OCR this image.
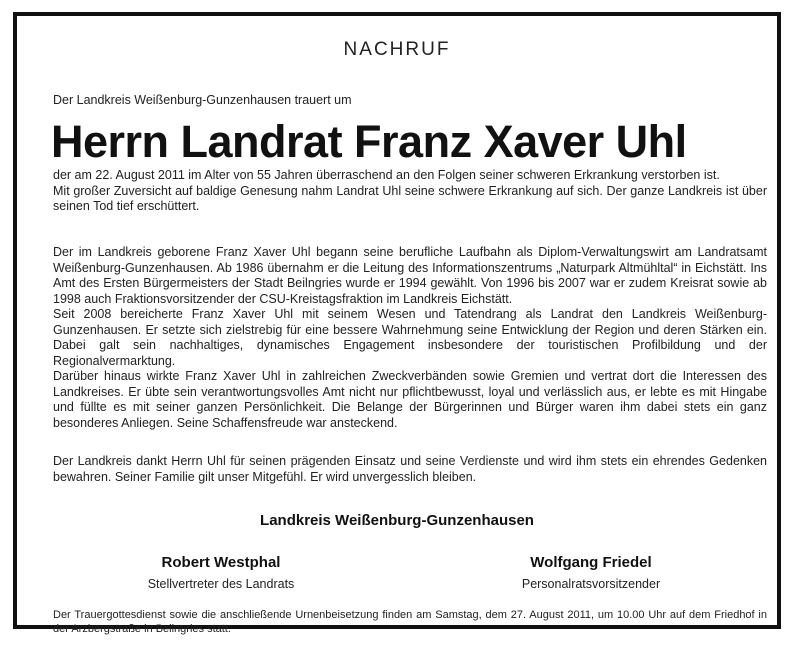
NACHRUF
Der Landkreis Weißenburg-Gunzenhausen trauert um
Herrn Landrat Franz Xaver Uhl

der am 22. August 2011 im Alter von 55 Jahren überraschend an den Folgen seiner schweren Erkrankung verstorben ist.

Mit großer Zuversicht auf baldige Genesung nahm Landrat Uhl seine schwere Erkrankung auf sich. Der ganze Landkreis ist über seinen Tod tief erschüttert.

Der im Landkreis geborene Franz Xaver Uhl begann seine berufliche Laufbahn als Diplom-Verwaltungswirt am Landratsamt Weißenburg-Gunzenhausen. Ab 1986 übernahm er die Leitung des Informationszentrums „Naturpark Altmühltal“ in Eichstätt. Ins Amt des Ersten Bürgermeisters der Stadt Beilngries wurde er 1994 gewählt. Von 1996 bis 2007 war er zudem Kreisrat sowie ab 1998 auch Fraktionsvorsitzender der CSU-Kreistagsfraktion im Landkreis Eichstätt.

Seit 2008 bereicherte Franz Xaver Uhl mit seinem Wesen und Tatendrang als Landrat den Landkreis Weißenburg-Gunzenhausen. Er setzte sich zielstrebig für eine bessere Wahrnehmung seine Entwicklung der Region und deren Stärken ein. Dabei galt sein nachhaltiges, dynamisches Engagement insbesondere der touristischen Profilbildung und der Regionalvermarktung.

Darüber hinaus wirkte Franz Xaver Uhl in zahlreichen Zweckverbänden sowie Gremien und vertrat dort die Interessen des Landkreises. Er übte sein verantwortungsvolles Amt nicht nur pflichtbewusst, loyal und verlässlich aus, er lebte es mit Hingabe und füllte es mit seiner ganzen Persönlichkeit. Die Belange der Bürgerinnen und Bürger waren ihm dabei stets ein ganz besonderes Anliegen. Seine Schaffensfreude war ansteckend.

Der Landkreis dankt Herrn Uhl für seinen prägenden Einsatz und seine Verdienste und wird ihm stets ein ehrendes Gedenken bewahren. Seiner Familie gilt unser Mitgefühl. Er wird unvergesslich bleiben.

Landkreis Weißenburg-Gunzenhausen
Robert Westphal
Stellvertreter des Landrats
Wolfgang Friedel
Personalratsvorsitzender
Der Trauergottesdienst sowie die anschließende Urnenbeisetzung finden am Samstag, dem 27. August 2011, um 10.00 Uhr auf dem Friedhof in der Arzbergstraße in Beilngries statt.
